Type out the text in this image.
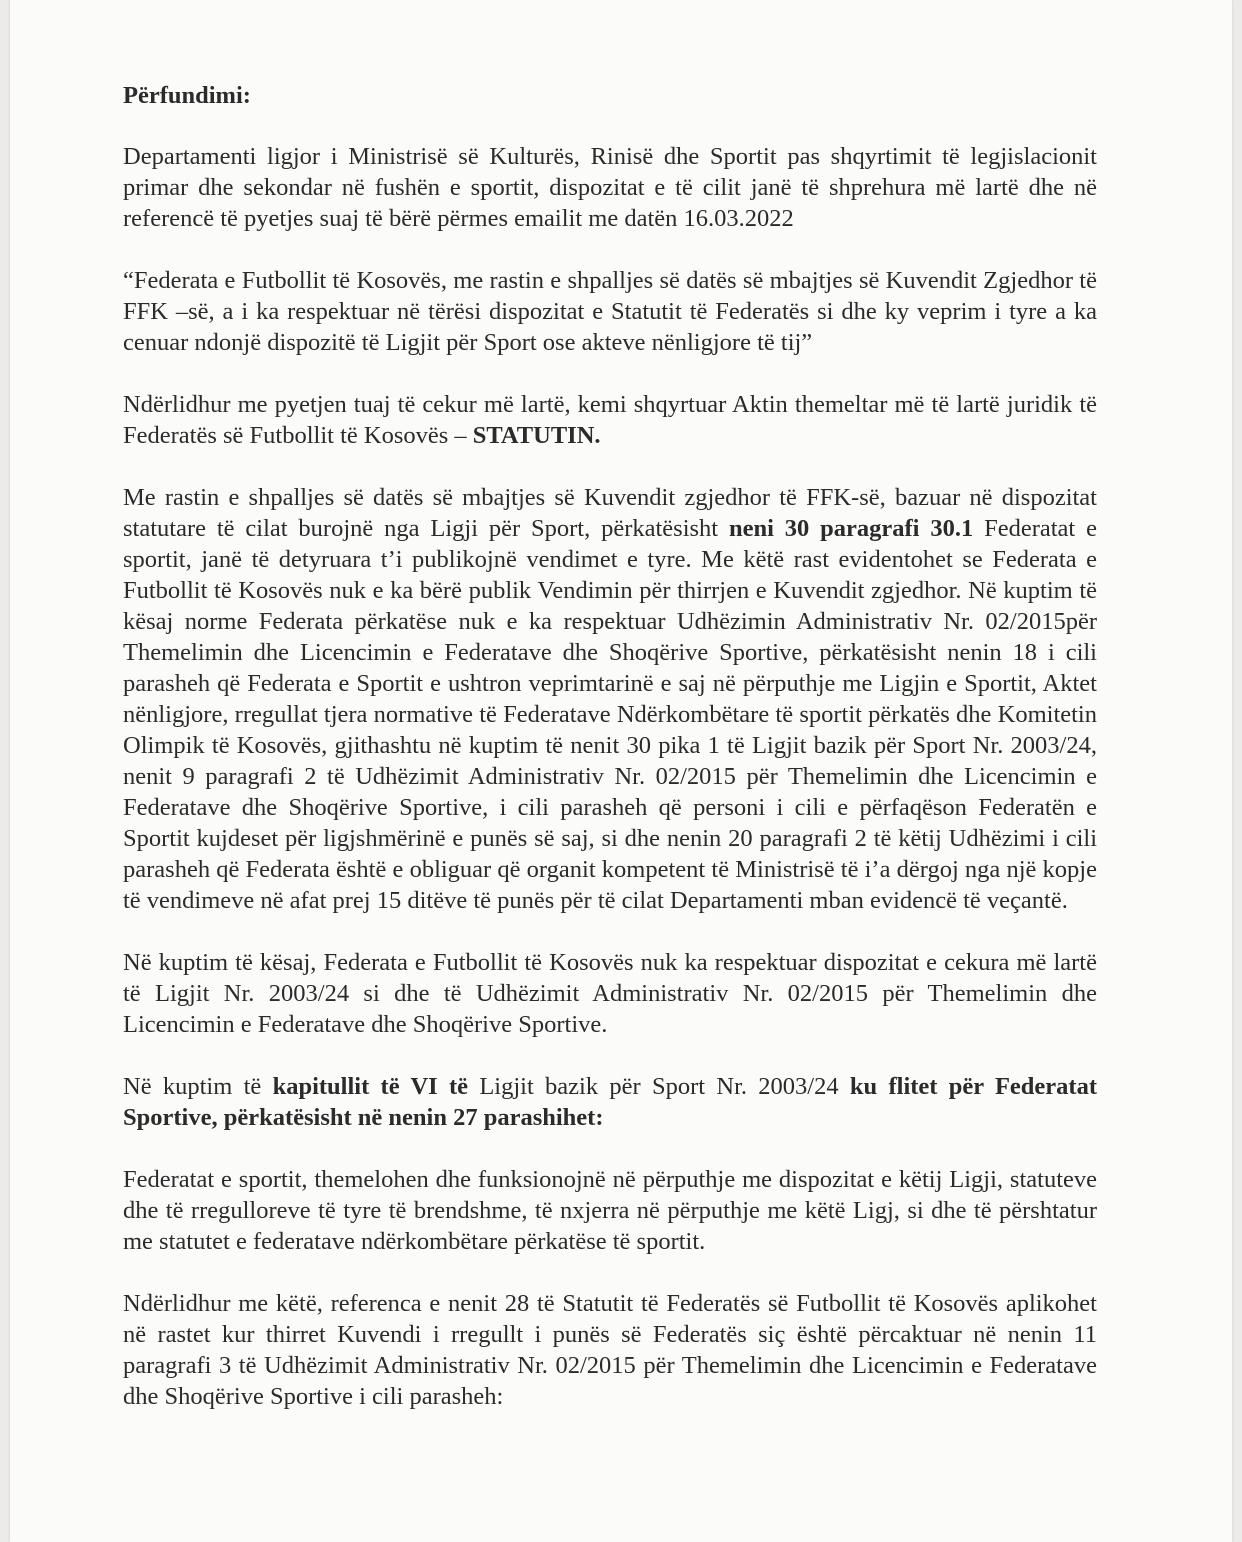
Përfundimi:

Departamenti ligjor i Ministrisë së Kulturës, Rinisë dhe Sportit pas shqyrtimit të legjislacionit primar dhe sekondar në fushën e sportit, dispozitat e të cilit janë të shprehura më lartë dhe në referencë të pyetjes suaj të bërë përmes emailit me datën 16.03.2022

“Federata e Futbollit të Kosovës, me rastin e shpalljes së datës së mbajtjes së Kuvendit Zgjedhor të FFK –së, a i ka respektuar në tërësi dispozitat e Statutit të Federatës si dhe ky veprim i tyre a ka cenuar ndonjë dispozitë të Ligjit për Sport ose akteve nënligjore të tij”

Ndërlidhur me pyetjen tuaj të cekur më lartë, kemi shqyrtuar Aktin themeltar më të lartë juridik të Federatës së Futbollit të Kosovës – STATUTIN.

Me rastin e shpalljes së datës së mbajtjes së Kuvendit zgjedhor të FFK-së, bazuar në dispozitat statutare të cilat burojnë nga Ligji për Sport, përkatësisht neni 30 paragrafi 30.1 Federatat e sportit, janë të detyruara t’i publikojnë vendimet e tyre. Me këtë rast evidentohet se Federata e Futbollit të Kosovës nuk e ka bërë publik Vendimin për thirrjen e Kuvendit zgjedhor. Në kuptim të kësaj norme Federata përkatëse nuk e ka respektuar Udhëzimin Administrativ Nr. 02/2015për Themelimin dhe Licencimin e Federatave dhe Shoqërive Sportive, përkatësisht nenin 18 i cili parasheh që Federata e Sportit e ushtron veprimtarinë e saj në përputhje me Ligjin e Sportit, Aktet nënligjore, rregullat tjera normative të Federatave Ndërkombëtare të sportit përkatës dhe Komitetin Olimpik të Kosovës, gjithashtu në kuptim të nenit 30 pika 1 të Ligjit bazik për Sport Nr. 2003/24, nenit 9 paragrafi 2 të Udhëzimit Administrativ Nr. 02/2015 për Themelimin dhe Licencimin e Federatave dhe Shoqërive Sportive, i cili parasheh që personi i cili e përfaqëson Federatën e Sportit kujdeset për ligjshmërinë e punës së saj, si dhe nenin 20 paragrafi 2 të këtij Udhëzimi i cili parasheh që Federata është e obliguar që organit kompetent të Ministrisë të i’a dërgoj nga një kopje të vendimeve në afat prej 15 ditëve të punës për të cilat Departamenti mban evidencë të veçantë.

Në kuptim të kësaj, Federata e Futbollit të Kosovës nuk ka respektuar dispozitat e cekura më lartë të Ligjit Nr. 2003/24 si dhe të Udhëzimit Administrativ Nr. 02/2015 për Themelimin dhe Licencimin e Federatave dhe Shoqërive Sportive.

Në kuptim të kapitullit të VI të Ligjit bazik për Sport Nr. 2003/24 ku flitet për Federatat Sportive, përkatësisht në nenin 27 parashihet:

Federatat e sportit, themelohen dhe funksionojnë në përputhje me dispozitat e këtij Ligji, statuteve dhe të rregulloreve të tyre të brendshme, të nxjerra në përputhje me këtë Ligj, si dhe të përshtatur me statutet e federatave ndërkombëtare përkatëse të sportit.

Ndërlidhur me këtë, referenca e nenit 28 të Statutit të Federatës së Futbollit të Kosovës aplikohet në rastet kur thirret Kuvendi i rregullt i punës së Federatës siç është përcaktuar në nenin 11 paragrafi 3 të Udhëzimit Administrativ Nr. 02/2015 për Themelimin dhe Licencimin e Federatave dhe Shoqërive Sportive i cili parasheh:
